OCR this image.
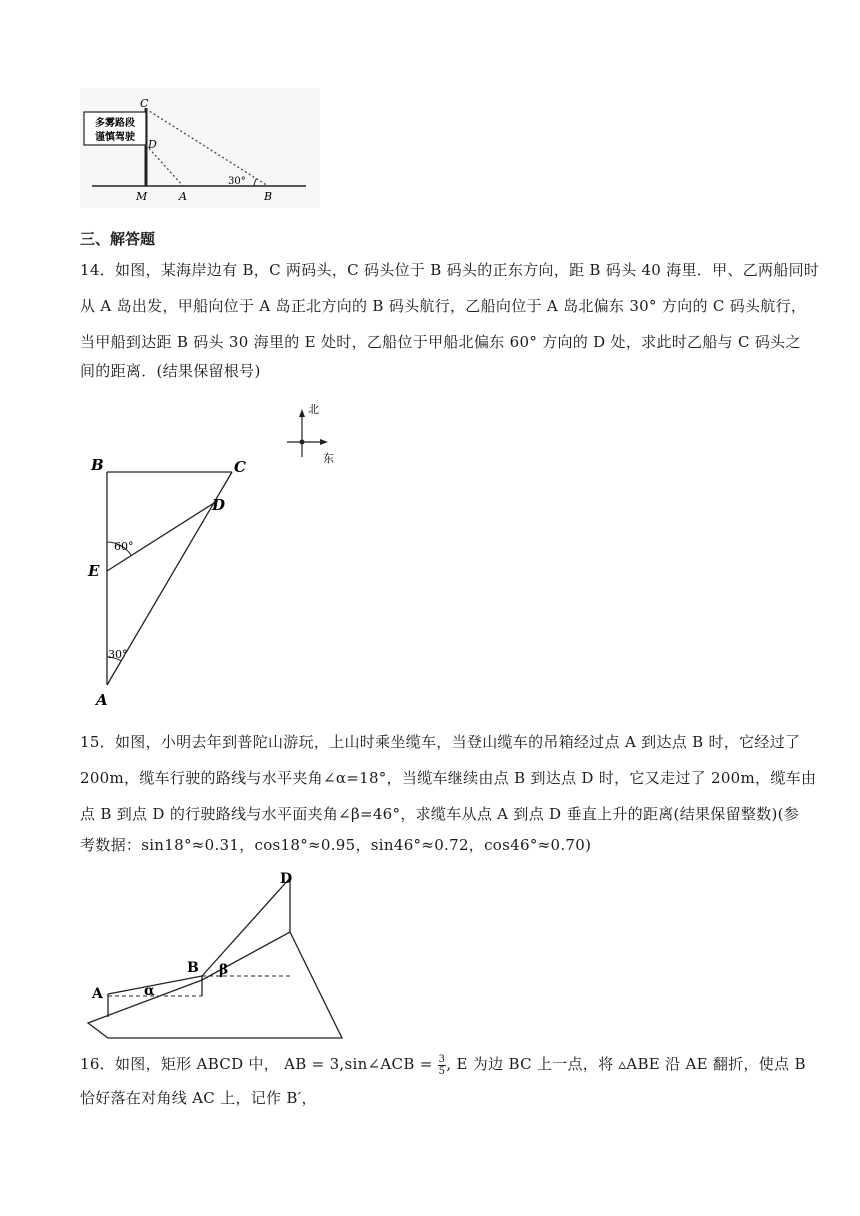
多雾路段
谨慎驾驶
30°
C
D
M	A	B
三、解答题
14．如图，某海岸边有 B，C 两码头，C 码头位于 B 码头的正东方向，距 B 码头 40 海里．甲、乙两船同时
从 A 岛出发，甲船向位于 A 岛正北方向的 B 码头航行，乙船向位于 A 岛北偏东 30° 方向的 C 码头航行，
当甲船到达距 B 码头 30 海里的 E 处时，乙船位于甲船北偏东 60° 方向的 D 处，求此时乙船与 C 码头之
间的距离．(结果保留根号)
北
东
60°
30°
B	C
D
E
A
15．如图，小明去年到普陀山游玩，上山时乘坐缆车，当登山缆车的吊箱经过点 A 到达点 B 时，它经过了
200m，缆车行驶的路线与水平夹角∠α=18°，当缆车继续由点 B 到达点 D 时，它又走过了 200m，缆车由
点 B 到点 D 的行驶路线与水平面夹角∠β=46°，求缆车从点 A 到点 D 垂直上升的距离(结果保留整数)(参
考数据：sin18°≈0.31，cos18°≈0.95，sin46°≈0.72，cos46°≈0.70)
A
B
D
α
β
16．如图，矩形 ABCD 中， AB = 3,sin∠ACB = $\frac{3}{5}$ , E 为边 BC 上一点，将 ▵ABE 沿 AE 翻折，使点 B
恰好落在对角线 AC 上，记作 B′，
